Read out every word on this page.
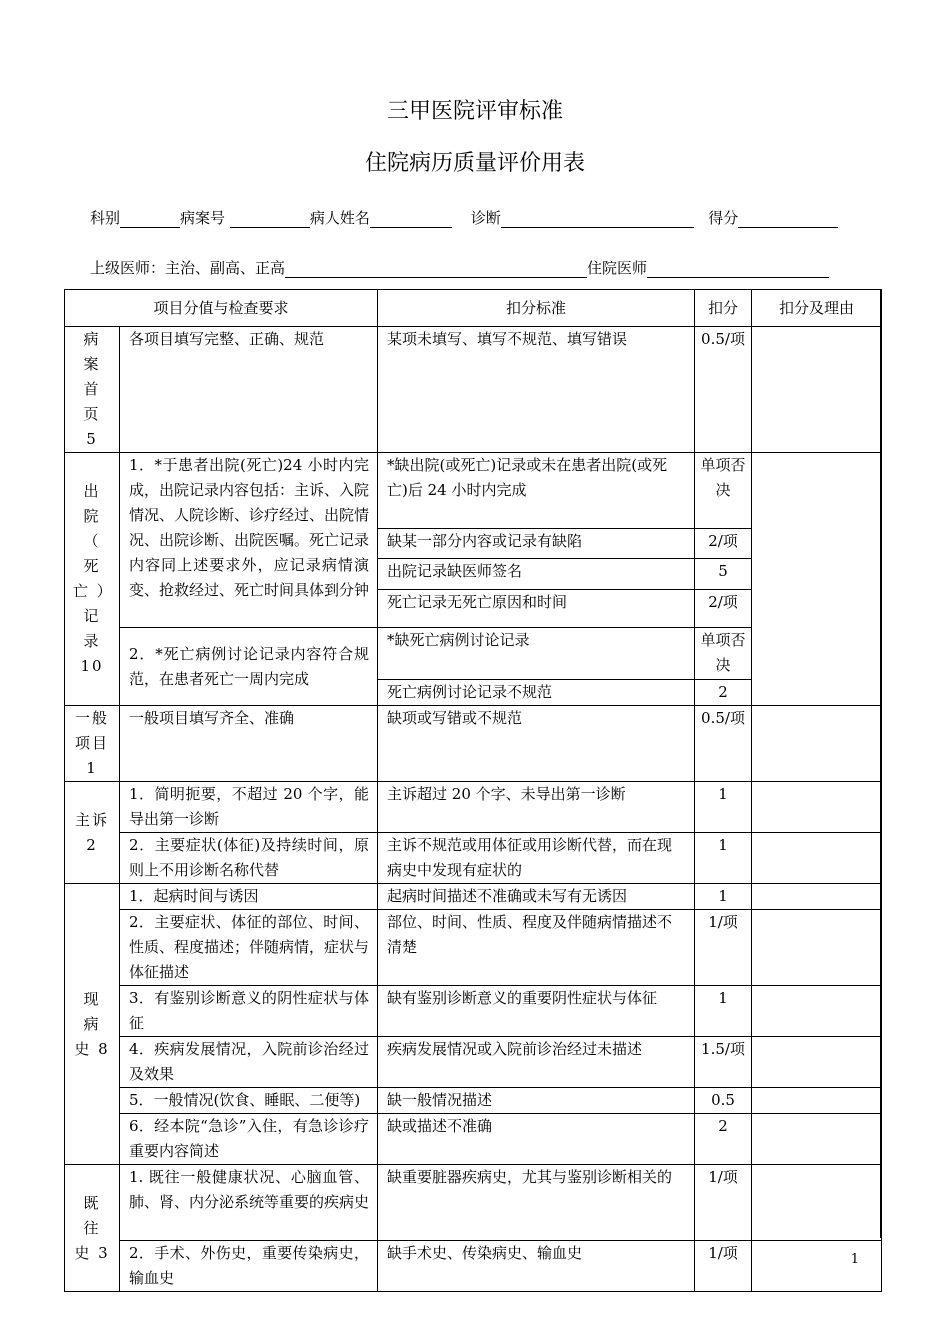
三甲医院评审标准
住院病历质量评价用表
科别	病案号	病人姓名	诊断	得分
上级医师：主治、副高、正高	住院医师
项目分值与检查要求		扣分标准	扣分	扣分及理由

病 案
首 页
5	各项目填写完整、正确、规范	某项未填写、填写不规范、填写错误	0.5/项	

出 院
（ 死
亡 ）
记 录
10	1．*于患者出院(死亡)24 小时内完成，出院记录内容包括：主诉、入院情况、人院诊断、诊疗经过、出院情况、出院诊断、出院医嘱。死亡记录内容同上述要求外，应记录病情演变、抢救经过、死亡时间具体到分钟	*缺出院(或死亡)记录或未在患者出院(或死亡)后 24 小时内完成	单项否决	
		缺某一部分内容或记录有缺陷	2/项	
		出院记录缺医师签名	5	
		死亡记录无死亡原因和时间	2/项	
	2．*死亡病例讨论记录内容符合规范，在患者死亡一周内完成	*缺死亡病例讨论记录	单项否决	
		死亡病例讨论记录不规范	2	

一般
项目
1	一般项目填写齐全、准确	缺项或写错或不规范	0.5/项	

主诉
2	1．简明扼要，不超过 20 个字，能导出第一诊断	主诉超过 20 个字、未导出第一诊断	1	
	2．主要症状(体征)及持续时间，原则上不用诊断名称代替	主诉不规范或用体征或用诊断代替，而在现病史中发现有症状的	1	

现 病
史 8	1．起病时间与诱因	起病时间描述不准确或未写有无诱因	1	
	2．主要症状、体征的部位、时间、性质、程度描述；伴随病情，症状与体征描述	部位、时间、性质、程度及伴随病情描述不清楚	1/项	
	3．有鉴别诊断意义的阴性症状与体征	缺有鉴别诊断意义的重要阴性症状与体征	1	
	4．疾病发展情况，入院前诊治经过及效果	疾病发展情况或入院前诊治经过未描述	1.5/项	
	5．一般情况(饮食、睡眠、二便等)	缺一般情况描述	0.5	
	6．经本院“急诊”入住，有急诊诊疗重要内容简述	缺或描述不准确	2	

既 往
史 3	1. 既往一般健康状况、心脑血管、肺、肾、内分泌系统等重要的疾病史	缺重要脏器疾病史，尤其与鉴别诊断相关的	1/项	
	2．手术、外伤史，重要传染病史，输血史	缺手术史、传染病史、输血史	1/项		1
